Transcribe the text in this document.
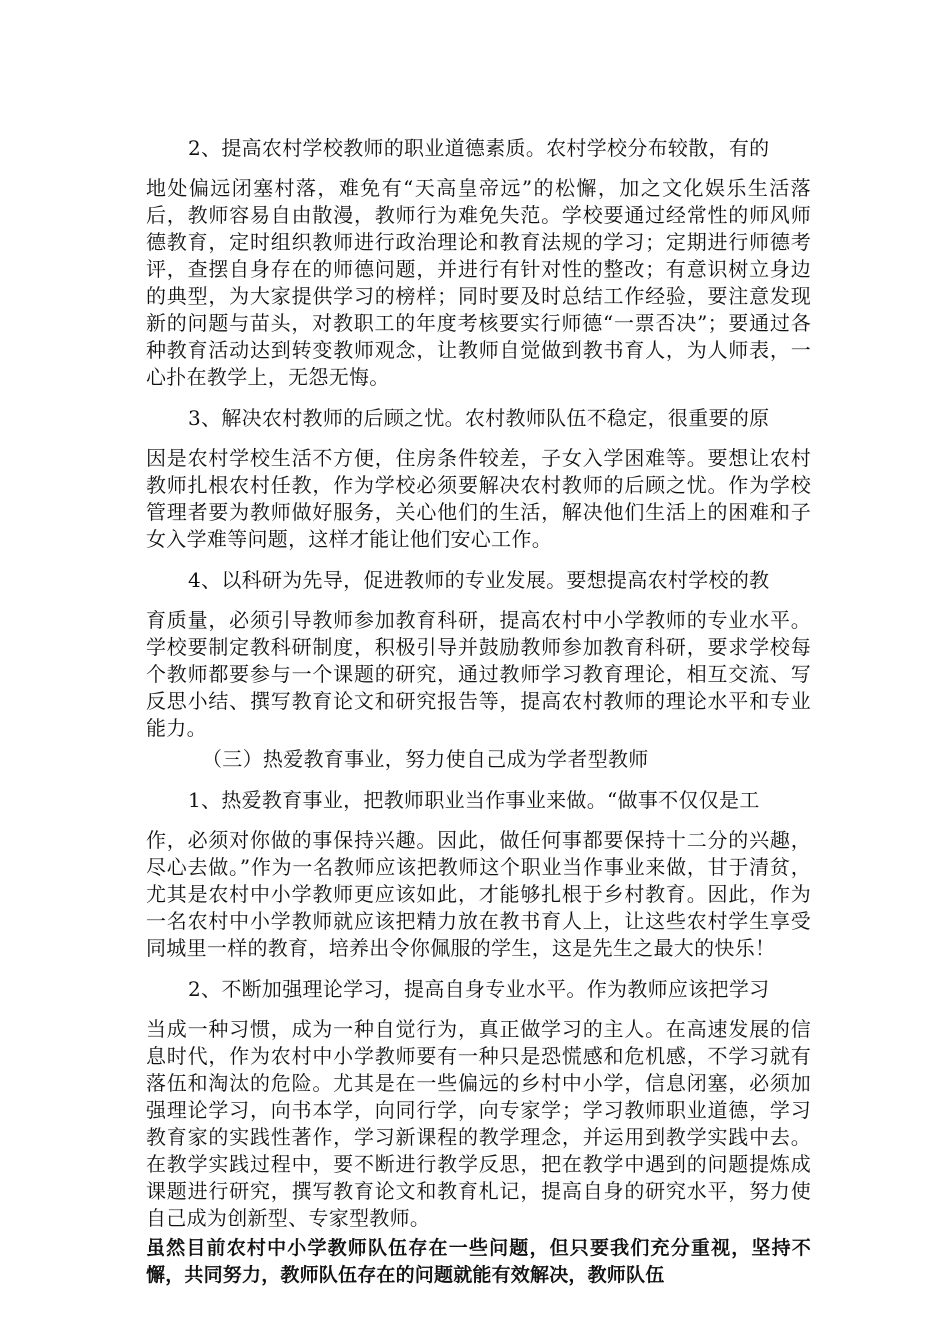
2、提高农村学校教师的职业道德素质。农村学校分布较散，有的

地处偏远闭塞村落，难免有“天高皇帝远”的松懈，加之文化娱乐生活落后，教师容易自由散漫，教师行为难免失范。学校要通过经常性的师风师德教育，定时组织教师进行政治理论和教育法规的学习；定期进行师德考评，查摆自身存在的师德问题，并进行有针对性的整改；有意识树立身边的典型，为大家提供学习的榜样；同时要及时总结工作经验，要注意发现新的问题与苗头，对教职工的年度考核要实行师德“一票否决”；要通过各种教育活动达到转变教师观念，让教师自觉做到教书育人，为人师表，一心扑在教学上，无怨无悔。

3、解决农村教师的后顾之忧。农村教师队伍不稳定，很重要的原

因是农村学校生活不方便，住房条件较差，子女入学困难等。要想让农村教师扎根农村任教，作为学校必须要解决农村教师的后顾之忧。作为学校管理者要为教师做好服务，关心他们的生活，解决他们生活上的困难和子女入学难等问题，这样才能让他们安心工作。

4、以科研为先导，促进教师的专业发展。要想提高农村学校的教

育质量，必须引导教师参加教育科研，提高农村中小学教师的专业水平。学校要制定教科研制度，积极引导并鼓励教师参加教育科研，要求学校每个教师都要参与一个课题的研究，通过教师学习教育理论，相互交流、写反思小结、撰写教育论文和研究报告等，提高农村教师的理论水平和专业能力。

（三）热爱教育事业，努力使自己成为学者型教师

1、热爱教育事业，把教师职业当作事业来做。“做事不仅仅是工

作，必须对你做的事保持兴趣。因此，做任何事都要保持十二分的兴趣，尽心去做。”作为一名教师应该把教师这个职业当作事业来做，甘于清贫，尤其是农村中小学教师更应该如此，才能够扎根于乡村教育。因此，作为一名农村中小学教师就应该把精力放在教书育人上，让这些农村学生享受同城里一样的教育，培养出令你佩服的学生，这是先生之最大的快乐！

2、不断加强理论学习，提高自身专业水平。作为教师应该把学习

当成一种习惯，成为一种自觉行为，真正做学习的主人。在高速发展的信息时代，作为农村中小学教师要有一种只是恐慌感和危机感，不学习就有落伍和淘汰的危险。尤其是在一些偏远的乡村中小学，信息闭塞，必须加强理论学习，向书本学，向同行学，向专家学；学习教师职业道德，学习教育家的实践性著作，学习新课程的教学理念，并运用到教学实践中去。在教学实践过程中，要不断进行教学反思，把在教学中遇到的问题提炼成课题进行研究，撰写教育论文和教育札记，提高自身的研究水平，努力使自己成为创新型、专家型教师。

虽然目前农村中小学教师队伍存在一些问题，但只要我们充分重视，坚持不懈，共同努力，教师队伍存在的问题就能有效解决，教师队伍
